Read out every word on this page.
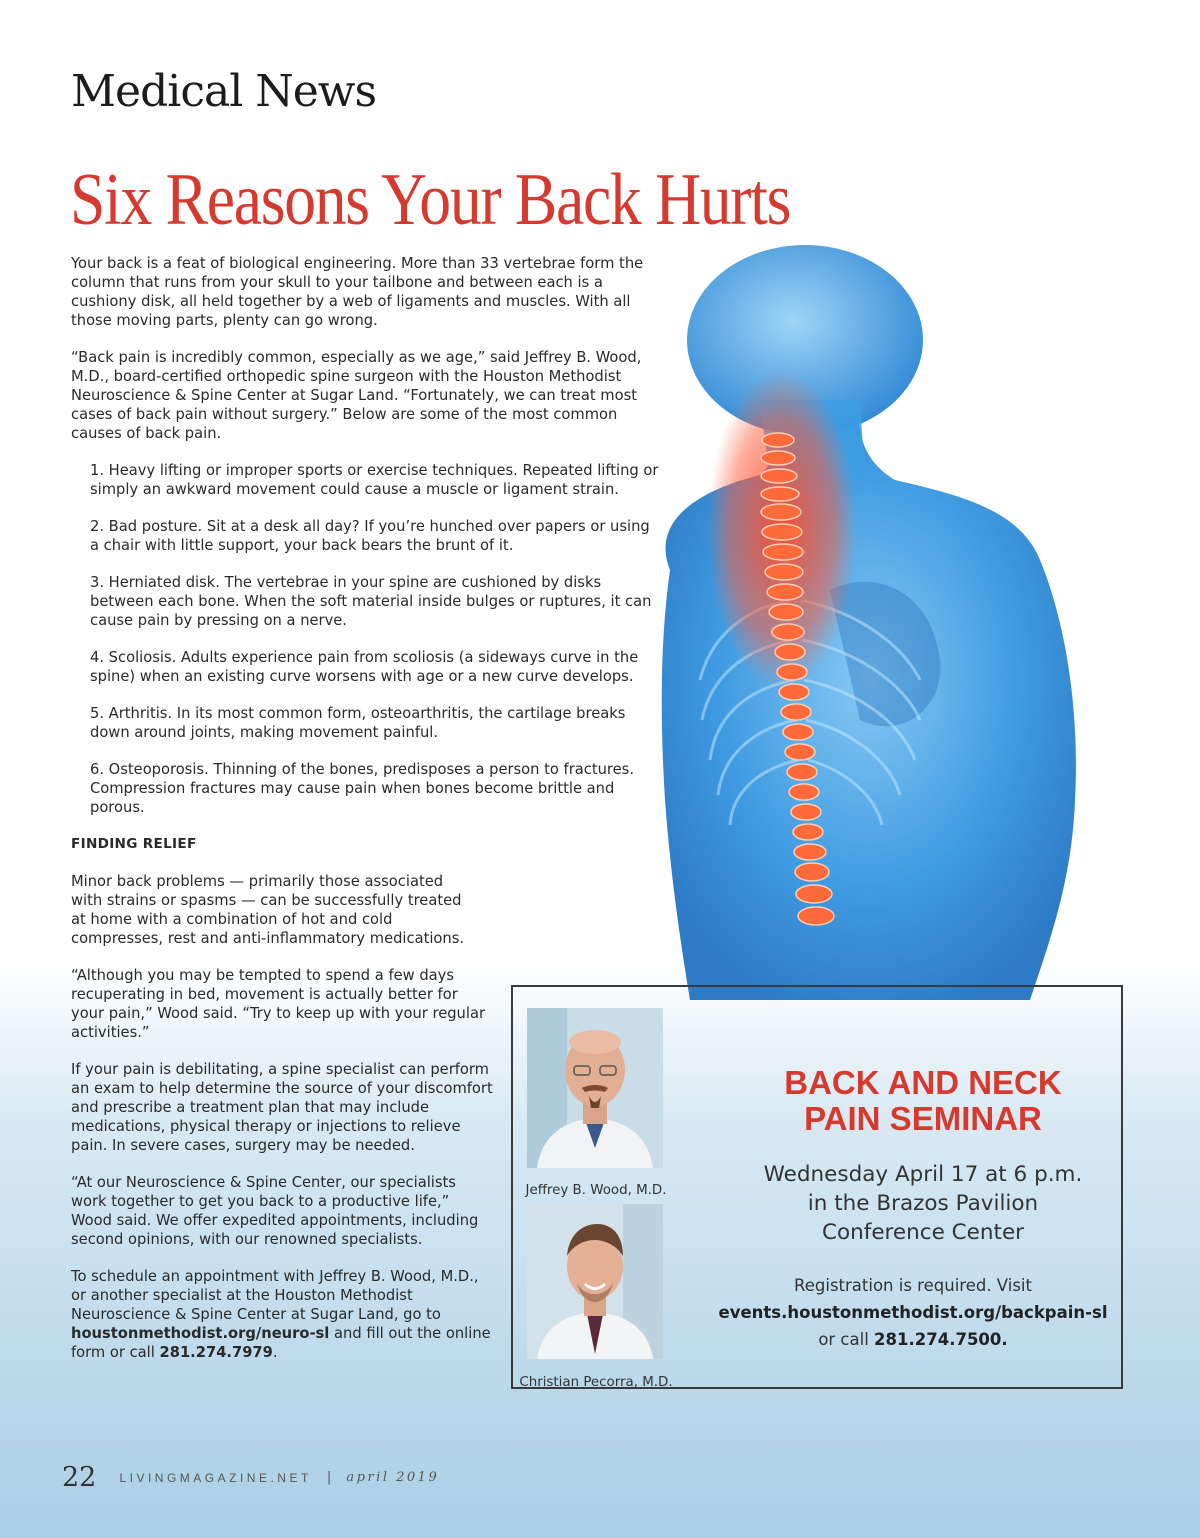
Medical News
Six Reasons Your Back Hurts

Your back is a feat of biological engineering. More than 33 vertebrae form the column that runs from your skull to your tailbone and between each is a cushiony disk, all held together by a web of ligaments and muscles. With all those moving parts, plenty can go wrong.

“Back pain is incredibly common, especially as we age,” said Jeffrey B. Wood, M.D., board-certified orthopedic spine surgeon with the Houston Methodist Neuroscience & Spine Center at Sugar Land. “Fortunately, we can treat most cases of back pain without surgery.” Below are some of the most common causes of back pain.

1. Heavy lifting or improper sports or exercise techniques. Repeated lifting or simply an awkward movement could cause a muscle or ligament strain.
2. Bad posture. Sit at a desk all day? If you’re hunched over papers or using a chair with little support, your back bears the brunt of it.
3. Herniated disk. The vertebrae in your spine are cushioned by disks between each bone. When the soft material inside bulges or ruptures, it can cause pain by pressing on a nerve.
4. Scoliosis. Adults experience pain from scoliosis (a sideways curve in the spine) when an existing curve worsens with age or a new curve develops.
5. Arthritis. In its most common form, osteoarthritis, the cartilage breaks down around joints, making movement painful.
6. Osteoporosis. Thinning of the bones, predisposes a person to fractures. Compression fractures may cause pain when bones become brittle and porous.
FINDING RELIEF

Minor back problems — primarily those associated with strains or spasms — can be successfully treated at home with a combination of hot and cold compresses, rest and anti-inflammatory medications.

“Although you may be tempted to spend a few days recuperating in bed, movement is actually better for your pain,” Wood said. “Try to keep up with your regular activities.”

If your pain is debilitating, a spine specialist can perform an exam to help determine the source of your discomfort and prescribe a treatment plan that may include medications, physical therapy or injections to relieve pain. In severe cases, surgery may be needed.

“At our Neuroscience & Spine Center, our specialists work together to get you back to a productive life,” Wood said. We offer expedited appointments, including second opinions, with our renowned specialists.

To schedule an appointment with Jeffrey B. Wood, M.D., or another specialist at the Houston Methodist Neuroscience & Spine Center at Sugar Land, go to houstonmethodist.org/neuro-sl and fill out the online form or call 281.274.7979.

Jeffrey B. Wood, M.D.
Christian Pecorra, M.D.
BACK AND NECK
PAIN SEMINAR
Wednesday April 17 at 6 p.m.
in the Brazos Pavilion
Conference Center
Registration is required. Visit
events.houstonmethodist.org/backpain-sl
or call 281.274.7500.
22 LIVINGMAGAZINE.NET | april 2019
